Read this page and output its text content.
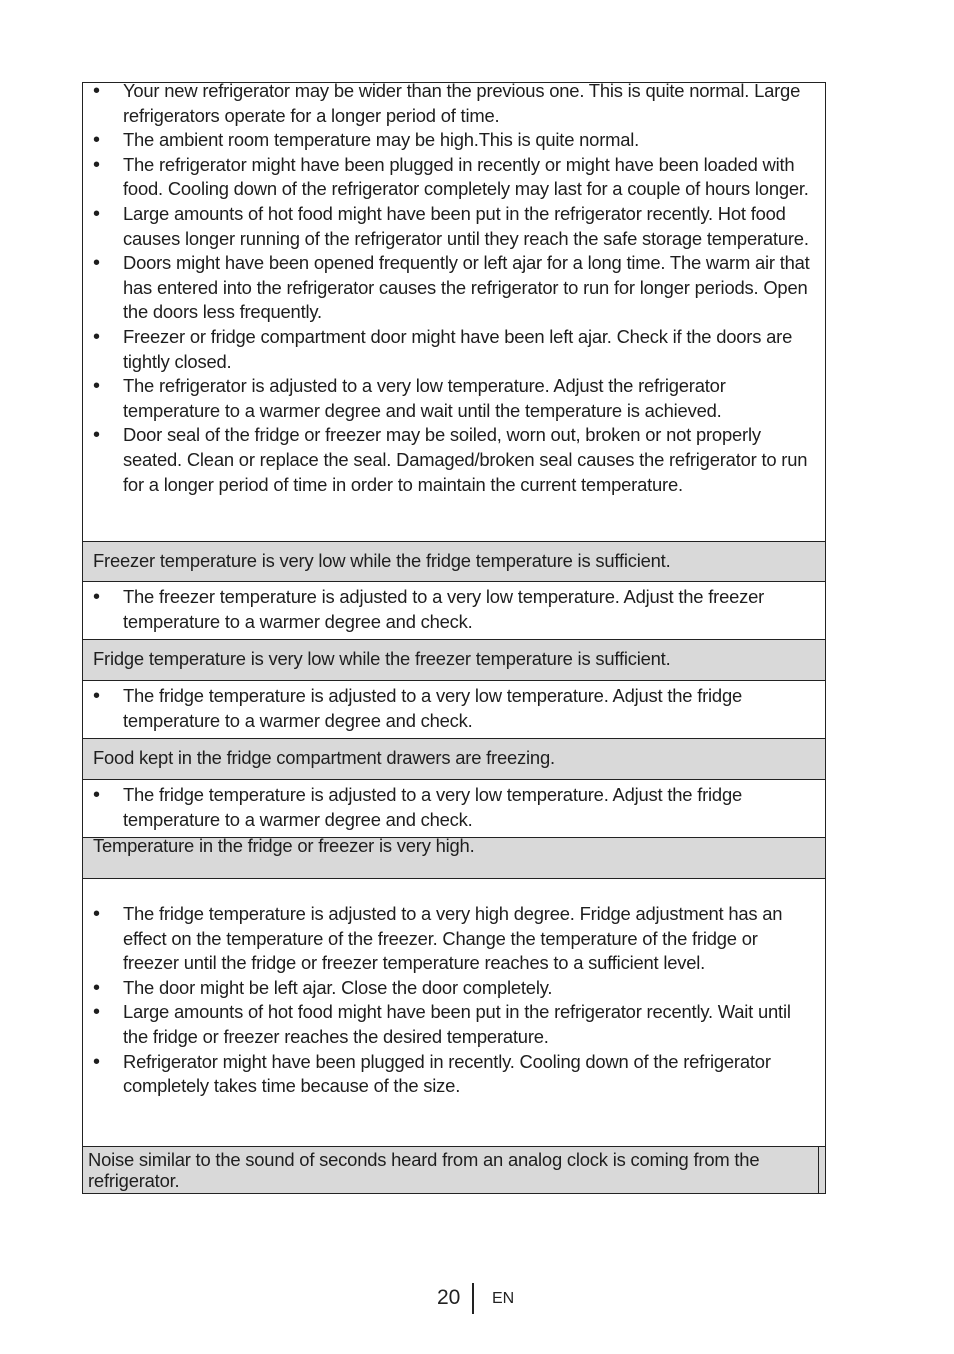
• Your new refrigerator may be wider than the previous one. This is quite normal. Large refrigerators operate for a longer period of time.
• The ambient room temperature may be high.This is quite normal.
• The refrigerator might have been plugged in recently or might have been loaded with food. Cooling down of the refrigerator completely may last for a couple of hours longer.
• Large amounts of hot food might have been put in the refrigerator recently. Hot food causes longer running of the refrigerator until they reach the safe storage temperature.
• Doors might have been opened frequently or left ajar for a long time. The warm air that has entered into the refrigerator causes the refrigerator to run for longer periods. Open the doors less frequently.
• Freezer or fridge compartment door might have been left ajar. Check if the doors are tightly closed.
• The refrigerator is adjusted to a very low temperature. Adjust the refrigerator temperature to a warmer degree and wait until the temperature is achieved.
• Door seal of the fridge or freezer may be soiled, worn out, broken or not properly seated. Clean or replace the seal. Damaged/broken seal causes the refrigerator to run for a longer period of time in order to maintain the current temperature.
Freezer temperature is very low while the fridge temperature is sufficient.
• The freezer temperature is adjusted to a very low temperature. Adjust the freezer temperature to a warmer degree and check.
Fridge temperature is very low while the freezer temperature is sufficient.
• The fridge temperature is adjusted to a very low temperature. Adjust the fridge temperature to a warmer degree and check.
Food kept in the fridge compartment drawers are freezing.
• The fridge temperature is adjusted to a very low temperature. Adjust the fridge temperature to a warmer degree and check.
Temperature in the fridge or freezer is very high.
• The fridge temperature is adjusted to a very high degree. Fridge adjustment has an effect on the temperature of the freezer. Change the temperature of the fridge or freezer until the fridge or freezer temperature reaches to a sufficient level.
• The door might be left ajar. Close the door completely.
• Large amounts of hot food might have been put in the refrigerator recently. Wait until the fridge or freezer reaches the desired temperature.
• Refrigerator might have been plugged in recently. Cooling down of the refrigerator completely takes time because of the size.
Noise similar to the sound of seconds heard from an analog clock is coming from the refrigerator.
20 EN
